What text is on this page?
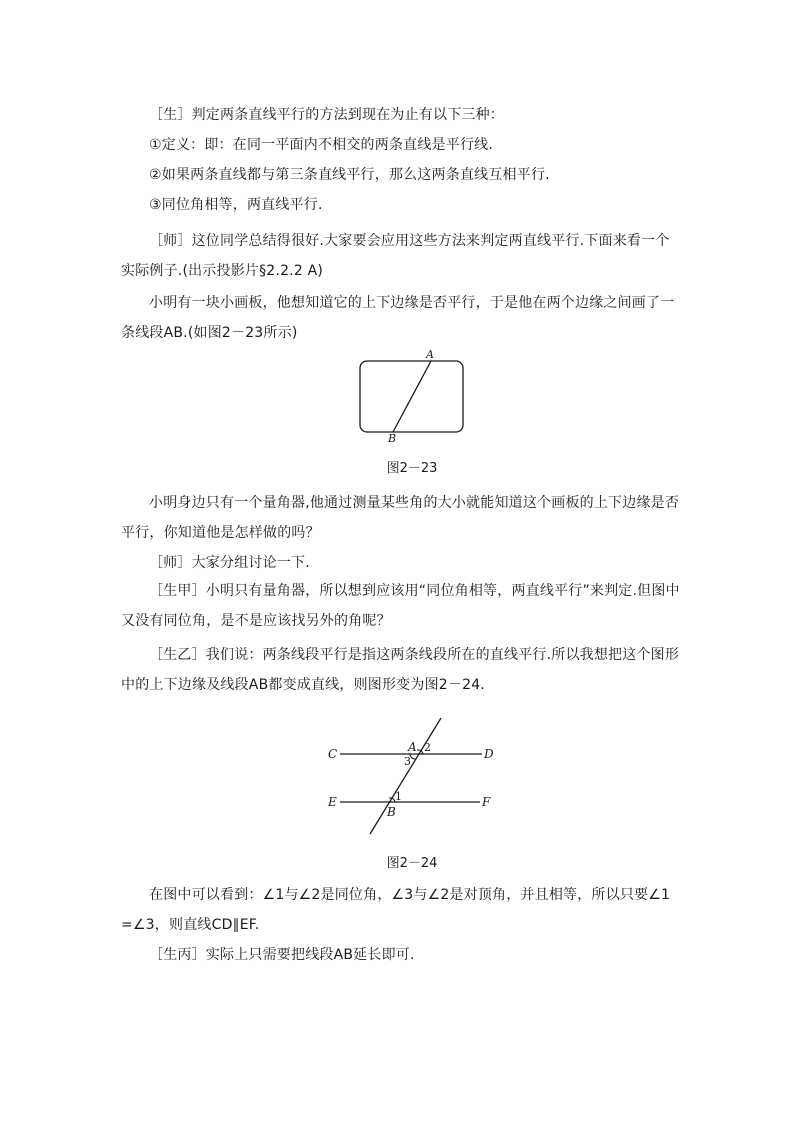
［生］判定两条直线平行的方法到现在为止有以下三种：
①定义：即：在同一平面内不相交的两条直线是平行线.
②如果两条直线都与第三条直线平行，那么这两条直线互相平行.
③同位角相等，两直线平行.
［师］这位同学总结得很好.大家要会应用这些方法来判定两直线平行.下面来看一个实际例子.(出示投影片§2.2.2 A)
小明有一块小画板，他想知道它的上下边缘是否平行，于是他在两个边缘之间画了一条线段AB.(如图2－23所示)
A
B
图2－23
小明身边只有一个量角器,他通过测量某些角的大小就能知道这个画板的上下边缘是否平行，你知道他是怎样做的吗？
［师］大家分组讨论一下.
［生甲］小明只有量角器，所以想到应该用“同位角相等，两直线平行”来判定.但图中又没有同位角，是不是应该找另外的角呢？
［生乙］我们说：两条线段平行是指这两条线段所在的直线平行.所以我想把这个图形中的上下边缘及线段AB都变成直线，则图形变为图2－24.
C	D
E	F
A
B
2
3
1
图2－24
在图中可以看到：∠1与∠2是同位角，∠3与∠2是对顶角，并且相等，所以只要∠1=∠3，则直线CD∥EF.
［生丙］实际上只需要把线段AB延长即可.
